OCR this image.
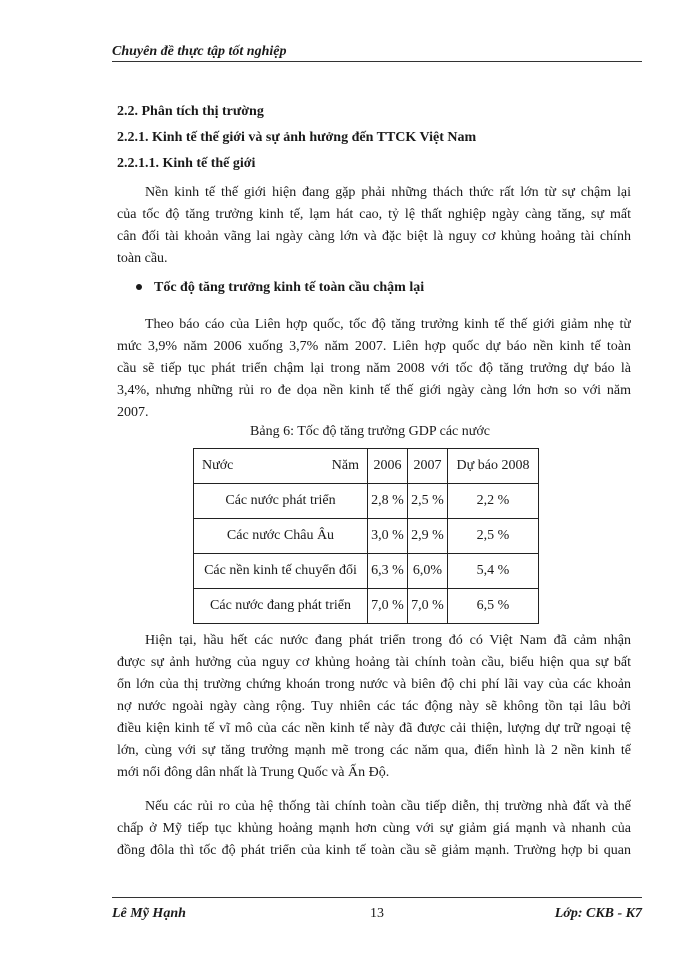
Chuyên đề thực tập tốt nghiệp
2.2. Phân tích thị trường
2.2.1. Kinh tế thế giới và sự ảnh hưởng đến TTCK Việt Nam
2.2.1.1. Kinh tế thế giới
Nền kinh tế thế giới hiện đang gặp phải những thách thức rất lớn từ sự chậm lại
của tốc độ tăng trưởng kinh tế, lạm hát cao, tỷ lệ thất nghiệp ngày càng tăng, sự mất
cân đối tài khoản vãng lai ngày càng lớn và đặc biệt là nguy cơ khủng hoảng tài chính
toàn cầu.
Tốc độ tăng trưởng kinh tế toàn cầu chậm lại
Theo báo cáo của Liên hợp quốc, tốc độ tăng trưởng kinh tế thế giới giảm nhẹ từ
mức 3,9% năm 2006 xuống 3,7% năm 2007. Liên hợp quốc dự báo nền kinh tế toàn
cầu sẽ tiếp tục phát triển chậm lại trong năm 2008 với tốc độ tăng trưởng dự báo là
3,4%, nhưng những rủi ro đe dọa nền kinh tế thế giới ngày càng lớn hơn so với năm
2007.
Bảng 6: Tốc độ tăng trưởng GDP các nước
Nước Năm	2006	2007	Dự báo 2008
Các nước phát triển	2,8 %	2,5 %	2,2 %
Các nước Châu Âu	3,0 %	2,9 %	2,5 %
Các nền kinh tế chuyển đổi	6,3 %	6,0%	5,4 %
Các nước đang phát triển	7,0 %	7,0 %	6,5 %
Hiện tại, hầu hết các nước đang phát triển trong đó có Việt Nam đã cảm nhận
được sự ảnh hưởng của nguy cơ khủng hoảng tài chính toàn cầu, biểu hiện qua sự bất
ổn lớn của thị trường chứng khoán trong nước và biên độ chi phí lãi vay của các khoản
nợ nước ngoài ngày càng rộng. Tuy nhiên các tác động này sẽ không tồn tại lâu bởi
điều kiện kinh tế vĩ mô của các nền kinh tế này đã được cải thiện, lượng dự trữ ngoại tệ
lớn, cùng với sự tăng trưởng mạnh mẽ trong các năm qua, điển hình là 2 nền kinh tế
mới nổi đông dân nhất là Trung Quốc và Ấn Độ.
Nếu các rủi ro của hệ thống tài chính toàn cầu tiếp diễn, thị trường nhà đất và thế
chấp ở Mỹ tiếp tục khủng hoảng mạnh hơn cùng với sự giảm giá mạnh và nhanh của
đồng đôla thì tốc độ phát triển của kinh tế toàn cầu sẽ giảm mạnh. Trường hợp bi quan
Lê Mỹ Hạnh	13	Lớp: CKB - K7
